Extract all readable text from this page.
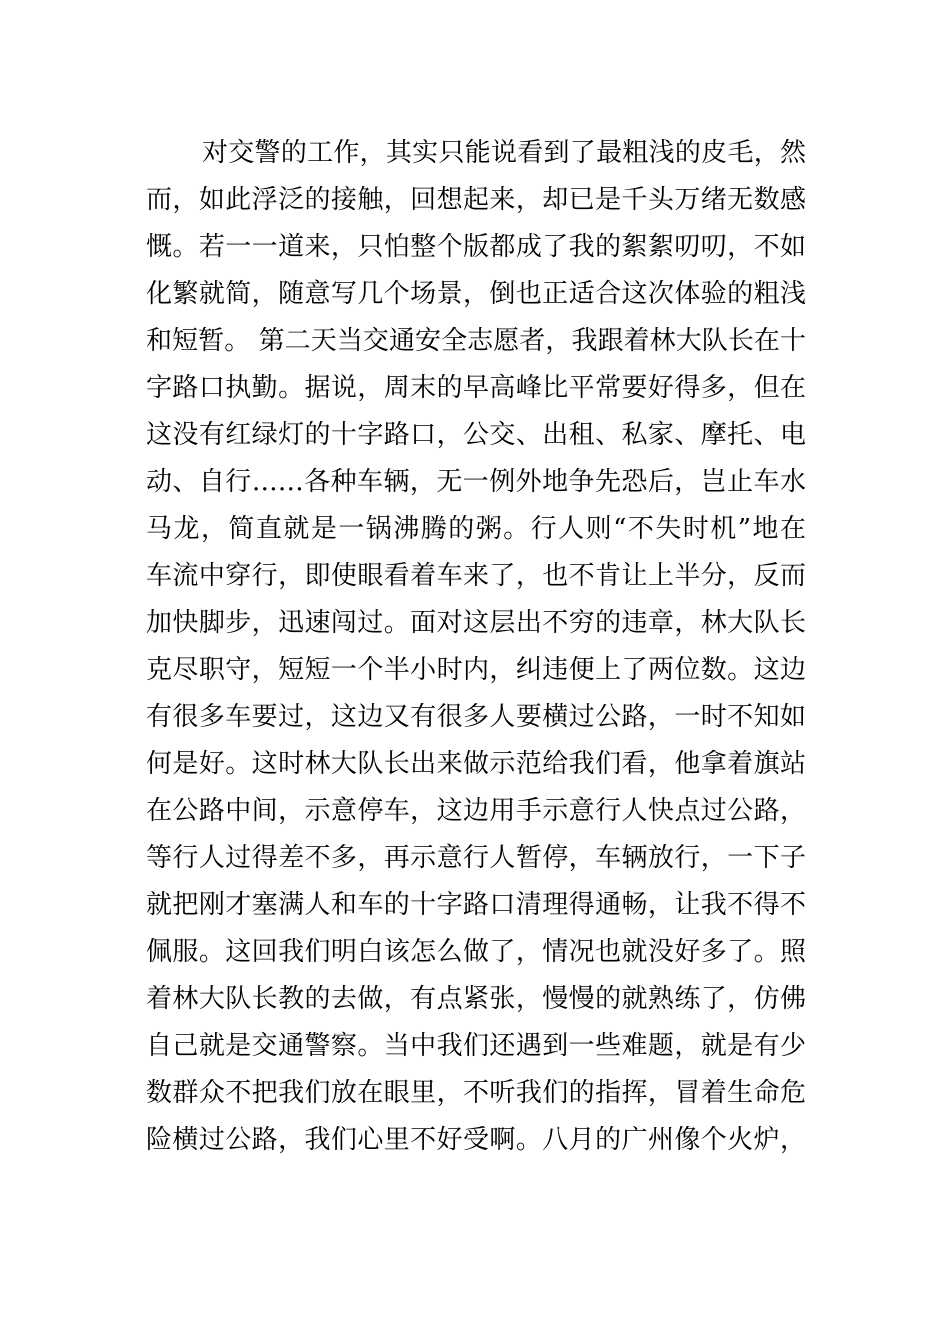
对交警的工作，其实只能说看到了最粗浅的皮毛，然
而，如此浮泛的接触，回想起来，却已是千头万绪无数感
慨。若一一道来，只怕整个版都成了我的絮絮叨叨，不如
化繁就简，随意写几个场景，倒也正适合这次体验的粗浅
和短暂。 第二天当交通安全志愿者，我跟着林大队长在十
字路口执勤。据说，周末的早高峰比平常要好得多，但在
这没有红绿灯的十字路口，公交、出租、私家、摩托、电
动、自行……各种车辆，无一例外地争先恐后，岂止车水
马龙，简直就是一锅沸腾的粥。行人则“不失时机”地在
车流中穿行，即使眼看着车来了，也不肯让上半分，反而
加快脚步，迅速闯过。面对这层出不穷的违章，林大队长
克尽职守，短短一个半小时内，纠违便上了两位数。这边
有很多车要过，这边又有很多人要横过公路，一时不知如
何是好。这时林大队长出来做示范给我们看，他拿着旗站
在公路中间，示意停车，这边用手示意行人快点过公路，
等行人过得差不多，再示意行人暂停，车辆放行，一下子
就把刚才塞满人和车的十字路口清理得通畅，让我不得不
佩服。这回我们明白该怎么做了，情况也就没好多了。照
着林大队长教的去做，有点紧张，慢慢的就熟练了，仿佛
自己就是交通警察。当中我们还遇到一些难题，就是有少
数群众不把我们放在眼里，不听我们的指挥，冒着生命危
险横过公路，我们心里不好受啊。八月的广州像个火炉，
